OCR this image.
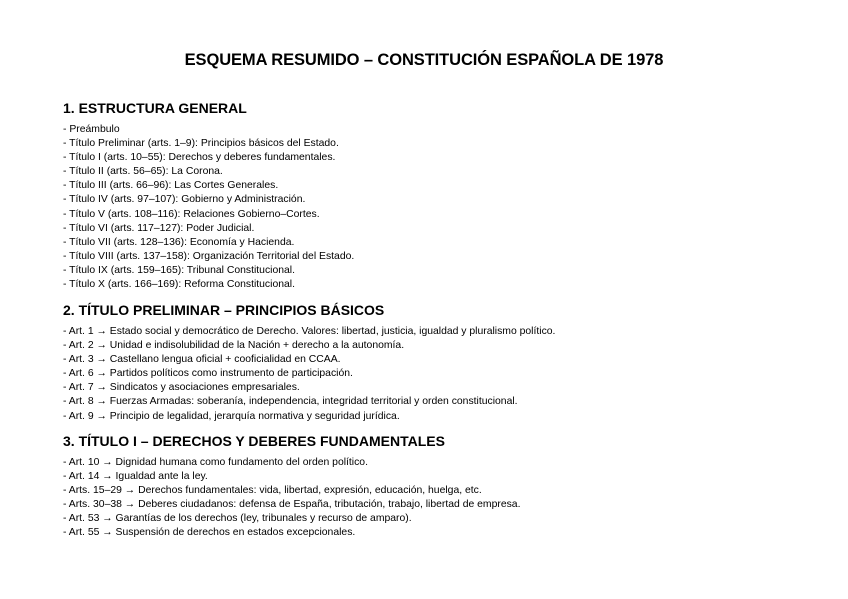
ESQUEMA RESUMIDO – CONSTITUCIÓN ESPAÑOLA DE 1978
1. ESTRUCTURA GENERAL
- Preámbulo
- Título Preliminar (arts. 1–9): Principios básicos del Estado.
- Título I (arts. 10–55): Derechos y deberes fundamentales.
- Título II (arts. 56–65): La Corona.
- Título III (arts. 66–96): Las Cortes Generales.
- Título IV (arts. 97–107): Gobierno y Administración.
- Título V (arts. 108–116): Relaciones Gobierno–Cortes.
- Título VI (arts. 117–127): Poder Judicial.
- Título VII (arts. 128–136): Economía y Hacienda.
- Título VIII (arts. 137–158): Organización Territorial del Estado.
- Título IX (arts. 159–165): Tribunal Constitucional.
- Título X (arts. 166–169): Reforma Constitucional.
2. TÍTULO PRELIMINAR – PRINCIPIOS BÁSICOS
- Art. 1 → Estado social y democrático de Derecho. Valores: libertad, justicia, igualdad y pluralismo político.
- Art. 2 → Unidad e indisolubilidad de la Nación + derecho a la autonomía.
- Art. 3 → Castellano lengua oficial + cooficialidad en CCAA.
- Art. 6 → Partidos políticos como instrumento de participación.
- Art. 7 → Sindicatos y asociaciones empresariales.
- Art. 8 → Fuerzas Armadas: soberanía, independencia, integridad territorial y orden constitucional.
- Art. 9 → Principio de legalidad, jerarquía normativa y seguridad jurídica.
3. TÍTULO I – DERECHOS Y DEBERES FUNDAMENTALES
- Art. 10 → Dignidad humana como fundamento del orden político.
- Art. 14 → Igualdad ante la ley.
- Arts. 15–29 → Derechos fundamentales: vida, libertad, expresión, educación, huelga, etc.
- Arts. 30–38 → Deberes ciudadanos: defensa de España, tributación, trabajo, libertad de empresa.
- Art. 53 → Garantías de los derechos (ley, tribunales y recurso de amparo).
- Art. 55 → Suspensión de derechos en estados excepcionales.
